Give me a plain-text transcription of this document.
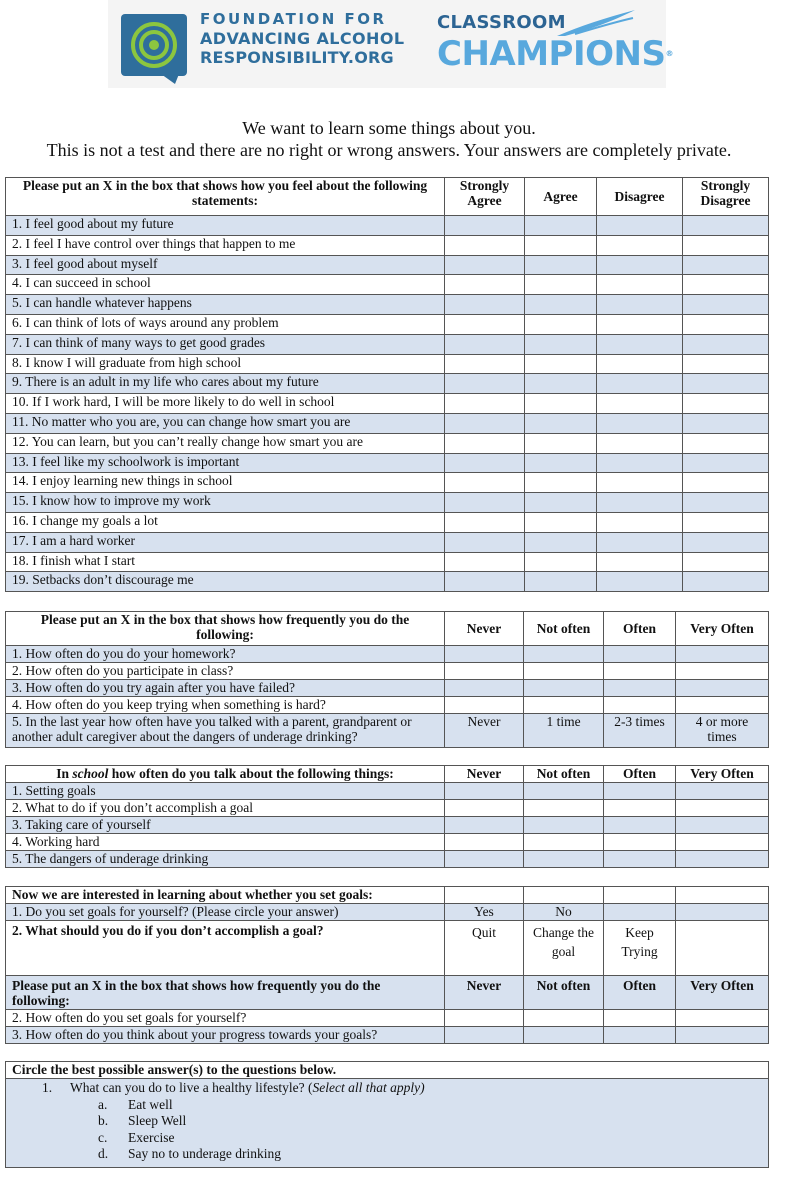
FOUNDATION FOR
ADVANCING ALCOHOL
RESPONSIBILITY.ORG
CLASSROOM
CHAMPIONS®
We want to learn some things about you.
This is not a test and there are no right or wrong answers. Your answers are completely private.
Please put an X in the box that shows how you feel about the following statements:	Strongly Agree	Agree	Disagree	Strongly Disagree
1. I feel good about my future				
2. I feel I have control over things that happen to me				
3. I feel good about myself				
4. I can succeed in school				
5. I can handle whatever happens				
6. I can think of lots of ways around any problem				
7. I can think of many ways to get good grades				
8. I know I will graduate from high school				
9. There is an adult in my life who cares about my future				
10. If I work hard, I will be more likely to do well in school				
11. No matter who you are, you can change how smart you are				
12. You can learn, but you can’t really change how smart you are				
13. I feel like my schoolwork is important				
14. I enjoy learning new things in school				
15. I know how to improve my work				
16. I change my goals a lot				
17. I am a hard worker				
18. I finish what I start				
19. Setbacks don’t discourage me				
Please put an X in the box that shows how frequently you do the following:	Never	Not often	Often	Very Often
1. How often do you do your homework?				
2. How often do you participate in class?				
3. How often do you try again after you have failed?				
4. How often do you keep trying when something is hard?				
5. In the last year how often have you talked with a parent, grandparent or another adult caregiver about the dangers of underage drinking?	Never	1 time	2-3 times	4 or more times
In school how often do you talk about the following things:	Never	Not often	Often	Very Often
1. Setting goals				
2. What to do if you don’t accomplish a goal				
3. Taking care of yourself				
4. Working hard				
5. The dangers of underage drinking				
Now we are interested in learning about whether you set goals:				
1. Do you set goals for yourself? (Please circle your answer)	Yes	No		
2. What should you do if you don’t accomplish a goal?	Quit	Change the goal	Keep Trying	
Please put an X in the box that shows how frequently you do the following:	Never	Not often	Often	Very Often
2. How often do you set goals for yourself?				
3. How often do you think about your progress towards your goals?				
Circle the best possible answer(s) to the questions below.

1. What can you do to live a healthy lifestyle? (Select all that apply)
a. Eat well
b. Sleep Well
c. Exercise
d. Say no to underage drinking
